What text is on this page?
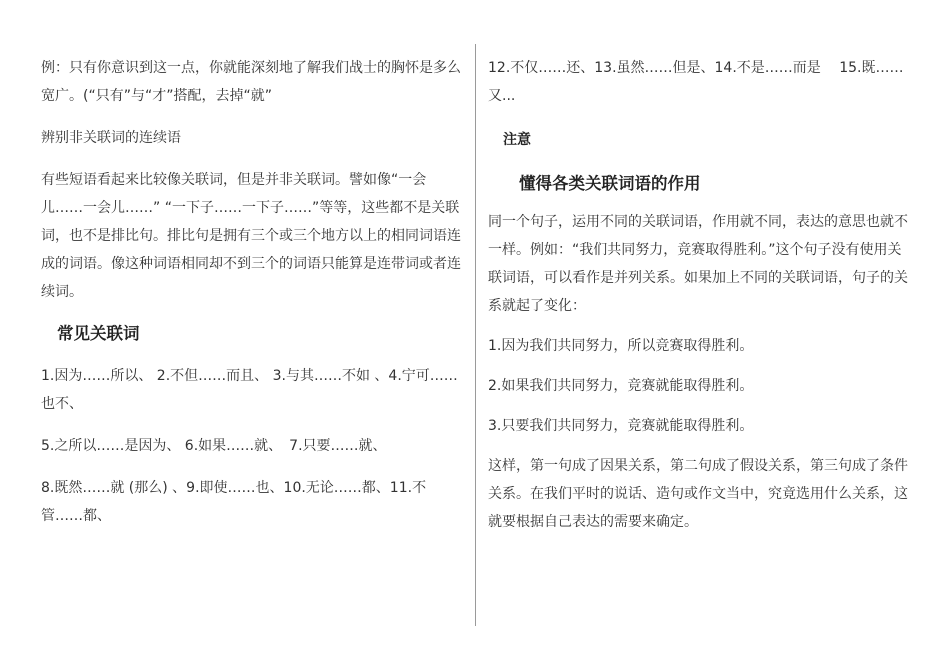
例：只有你意识到这一点，你就能深刻地了解我们战士的胸怀是多么宽广。(“只有”与“才”搭配，去掉“就”

辨别非关联词的连续语

有些短语看起来比较像关联词，但是并非关联词。譬如像“一会儿……一会儿……” “一下子……一下子……”等等，这些都不是关联词，也不是排比句。排比句是拥有三个或三个地方以上的相同词语连成的词语。像这种词语相同却不到三个的词语只能算是连带词或者连续词。

常见关联词

1.因为……所以、 2.不但……而且、 3.与其……不如 、4.宁可……也不、

5.之所以……是因为、 6.如果……就、　7.只要……就、

8.既然……就 (那么) 、9.即使……也、10.无论……都、11.不管……都、

12.不仅……还、13.虽然……但是、14.不是……而是　 15.既……又...

注意

懂得各类关联词语的作用

同一个句子，运用不同的关联词语，作用就不同，表达的意思也就不一样。例如：“我们共同努力，竞赛取得胜利。”这个句子没有使用关联词语，可以看作是并列关系。如果加上不同的关联词语，句子的关系就起了变化：

1.因为我们共同努力，所以竞赛取得胜利。

2.如果我们共同努力，竞赛就能取得胜利。

3.只要我们共同努力，竞赛就能取得胜利。

这样，第一句成了因果关系，第二句成了假设关系，第三句成了条件关系。在我们平时的说话、造句或作文当中，究竟选用什么关系，这就要根据自己表达的需要来确定。
